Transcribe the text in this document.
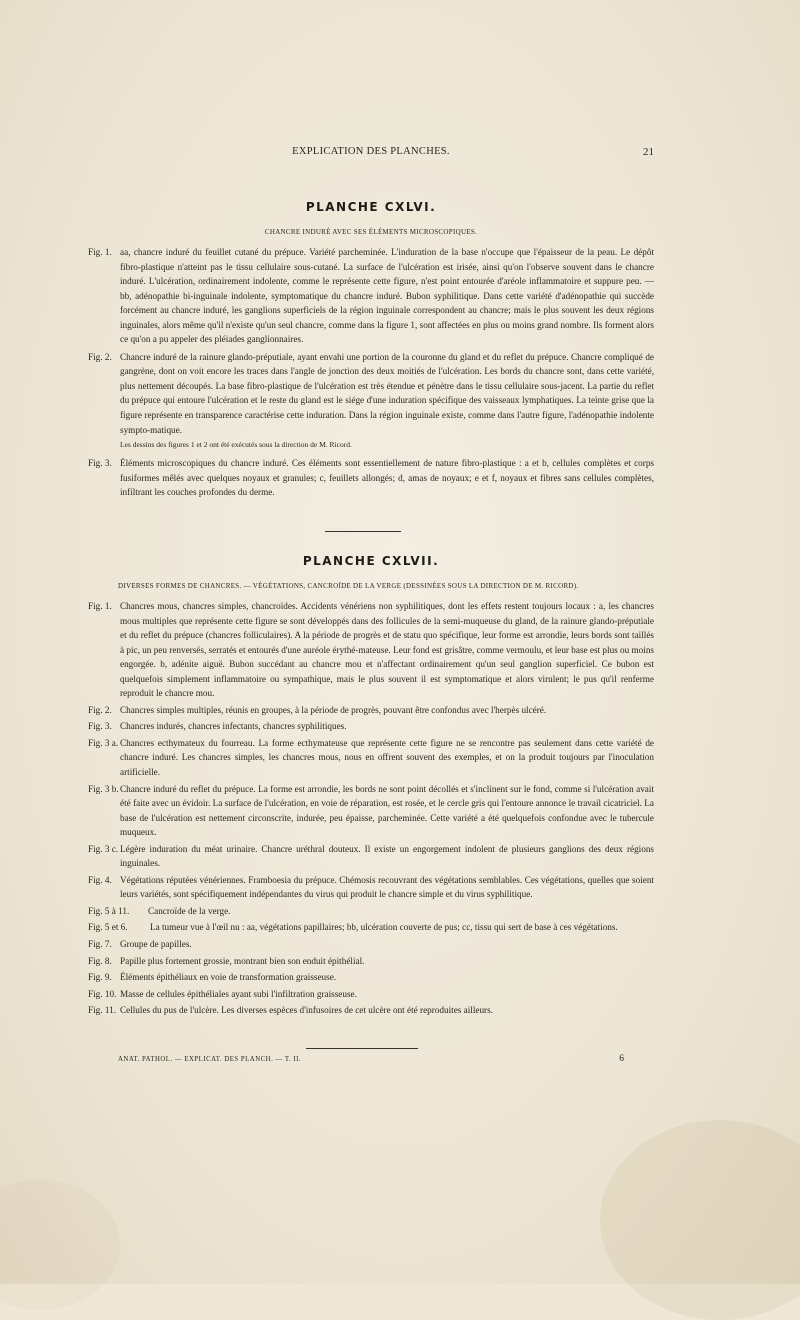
EXPLICATION DES PLANCHES.	21
PLANCHE CXLVI.
CHANCRE INDURÉ AVEC SES ÉLÉMENTS MICROSCOPIQUES.
Fig. 1. aa, chancre induré du feuillet cutané du prépuce. Variété parcheminée. L'induration de la base n'occupe que l'épaisseur de la peau. Le dépôt fibro-plastique n'atteint pas le tissu cellulaire sous-cutané. La surface de l'ulcération est irisée, ainsi qu'on l'observe souvent dans le chancre induré. L'ulcération, ordinairement indolente, comme le représente cette figure, n'est point entourée d'aréole inflammatoire et suppure peu. — bb, adénopathie bi-inguinale indolente, symptomatique du chancre induré. Bubon syphilitique. Dans cette variété d'adénopathie qui succède forcément au chancre induré, les ganglions superficiels de la région inguinale correspondent au chancre; mais le plus souvent les deux régions inguinales, alors même qu'il n'existe qu'un seul chancre, comme dans la figure 1, sont affectées en plus ou moins grand nombre. Ils forment alors ce qu'on a pu appeler des pléiades ganglionnaires.
Fig. 2. Chancre induré de la rainure glando-préputiale, ayant envahi une portion de la couronne du gland et du reflet du prépuce. Chancre compliqué de gangrène, dont on voit encore les traces dans l'angle de jonction des deux moitiés de l'ulcération. Les bords du chancre sont, dans cette variété, plus nettement découpés. La base fibro-plastique de l'ulcération est très étendue et pénètre dans le tissu cellulaire sous-jacent. La partie du reflet du prépuce qui entoure l'ulcération et le reste du gland est le siége d'une induration spécifique des vaisseaux lymphatiques. La teinte grise que la figure représente en transparence caractérise cette induration. Dans la région inguinale existe, comme dans l'autre figure, l'adénopathie indolente sympto-matique.
Les dessins des figures 1 et 2 ont été exécutés sous la direction de M. Ricord.
Fig. 3. Éléments microscopiques du chancre induré. Ces éléments sont essentiellement de nature fibro-plastique : a et b, cellules complètes et corps fusiformes mêlés avec quelques noyaux et granules; c, feuillets allongés; d, amas de noyaux; e et f, noyaux et fibres sans cellules complètes, infiltrant les couches profondes du derme.
PLANCHE CXLVII.
DIVERSES FORMES DE CHANCRES. — VÉGÉTATIONS, CANCROÏDE DE LA VERGE (DESSINÉES SOUS LA DIRECTION DE M. RICORD).
Fig. 1. Chancres mous, chancres simples, chancroïdes. Accidents vénériens non syphilitiques, dont les effets restent toujours locaux : a, les chancres mous multiples que représente cette figure se sont développés dans des follicules de la semi-muqueuse du gland, de la rainure glando-préputiale et du reflet du prépuce (chancres folliculaires). A la période de progrès et de statu quo spécifique, leur forme est arrondie, leurs bords sont taillés à pic, un peu renversés, serratés et entourés d'une auréole érythé-mateuse. Leur fond est grisâtre, comme vermoulu, et leur base est plus ou moins engorgée. b, adénite aiguë. Bubon succédant au chancre mou et n'affectant ordinairement qu'un seul ganglion superficiel. Ce bubon est quelquefois simplement inflammatoire ou sympathique, mais le plus souvent il est symptomatique et alors virulent; le pus qu'il renferme reproduit le chancre mou.
Fig. 2. Chancres simples multiples, réunis en groupes, à la période de progrès, pouvant être confondus avec l'herpès ulcéré.
Fig. 3. Chancres indurés, chancres infectants, chancres syphilitiques.
Fig. 3 a. Chancres ecthymateux du fourreau. La forme ecthymateuse que représente cette figure ne se rencontre pas seulement dans cette variété de chancre induré. Les chancres simples, les chancres mous, nous en offrent souvent des exemples, et on la produit toujours par l'inoculation artificielle.
Fig. 3 b. Chancre induré du reflet du prépuce. La forme est arrondie, les bords ne sont point décollés et s'inclinent sur le fond, comme si l'ulcération avait été faite avec un évidoir. La surface de l'ulcération, en voie de réparation, est rosée, et le cercle gris qui l'entoure annonce le travail cicatriciel. La base de l'ulcération est nettement circonscrite, indurée, peu épaisse, parcheminée. Cette variété a été quelquefois confondue avec le tubercule muqueux.
Fig. 3 c. Légère induration du méat urinaire. Chancre uréthral douteux. Il existe un engorgement indolent de plusieurs ganglions des deux régions inguinales.
Fig. 4. Végétations réputées vénériennes. Framboesia du prépuce. Chémosis recouvrant des végétations semblables. Ces végétations, quelles que soient leurs variétés, sont spécifiquement indépendantes du virus qui produit le chancre simple et du virus syphilitique.
Fig. 5 à 11.	Cancroïde de la verge.
Fig. 5 et 6.	La tumeur vue à l'œil nu : aa, végétations papillaires; bb, ulcération couverte de pus; cc, tissu qui sert de base à ces végétations.
Fig. 7. Groupe de papilles.
Fig. 8. Papille plus fortement grossie, montrant bien son enduit épithélial.
Fig. 9. Éléments épithéliaux en voie de transformation graisseuse.
Fig. 10. Masse de cellules épithéliales ayant subi l'infiltration graisseuse.
Fig. 11. Cellules du pus de l'ulcère. Les diverses espèces d'infusoires de cet ulcère ont été reproduites ailleurs.
ANAT. PATHOL. — EXPLICAT. DES PLANCH. — T. II.	6
